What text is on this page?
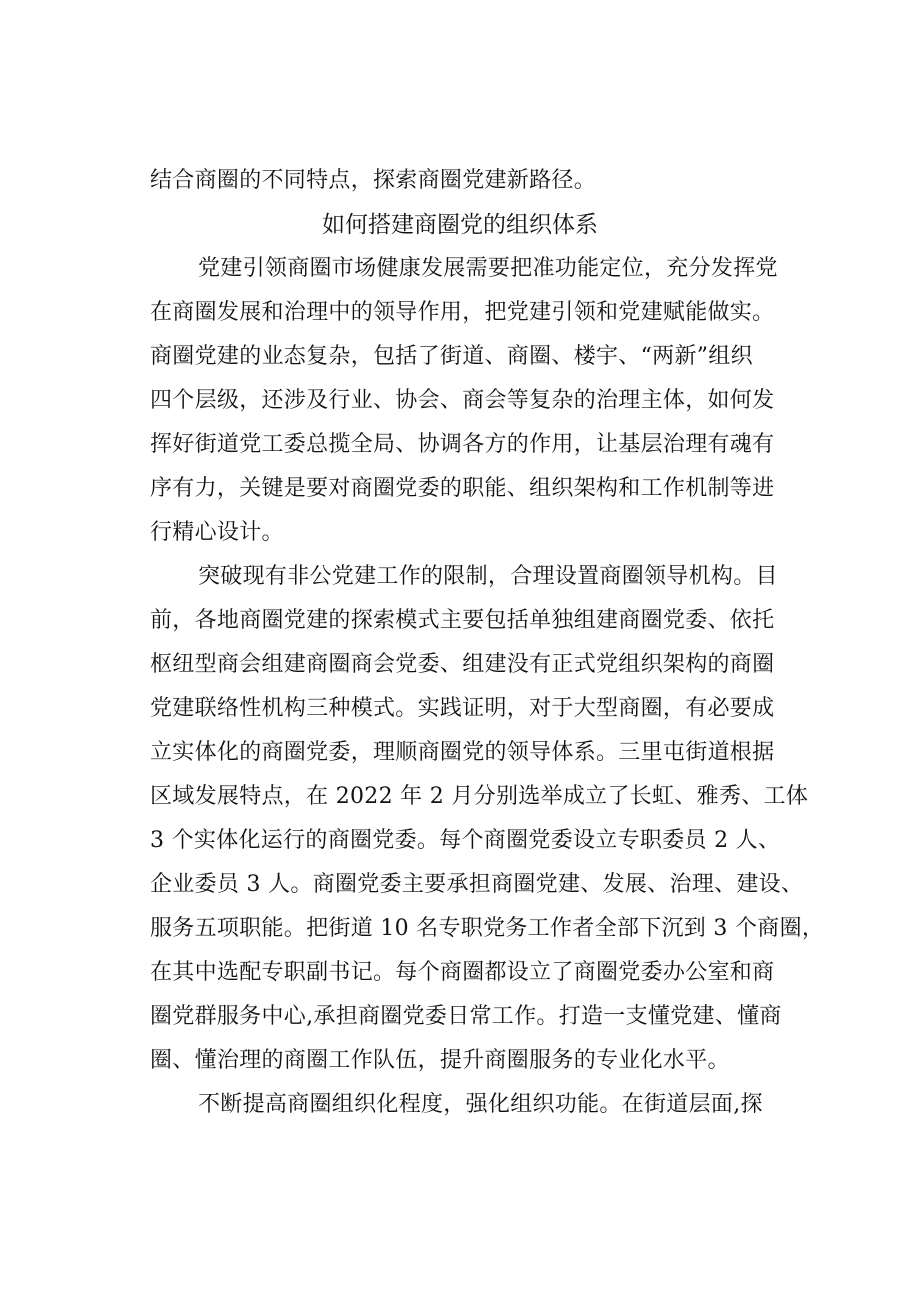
结合商圈的不同特点，探索商圈党建新路径。
如何搭建商圈党的组织体系
党建引领商圈市场健康发展需要把准功能定位，充分发挥党
在商圈发展和治理中的领导作用，把党建引领和党建赋能做实。
商圈党建的业态复杂，包括了街道、商圈、楼宇、“两新”组织
四个层级，还涉及行业、协会、商会等复杂的治理主体，如何发
挥好街道党工委总揽全局、协调各方的作用，让基层治理有魂有
序有力，关键是要对商圈党委的职能、组织架构和工作机制等进
行精心设计。
突破现有非公党建工作的限制，合理设置商圈领导机构。目
前，各地商圈党建的探索模式主要包括单独组建商圈党委、依托
枢纽型商会组建商圈商会党委、组建没有正式党组织架构的商圈
党建联络性机构三种模式。实践证明，对于大型商圈，有必要成
立实体化的商圈党委，理顺商圈党的领导体系。三里屯街道根据
区域发展特点，在 2022 年 2 月分别选举成立了长虹、雅秀、工体
3 个实体化运行的商圈党委。每个商圈党委设立专职委员 2 人、
企业委员 3 人。商圈党委主要承担商圈党建、发展、治理、建设、
服务五项职能。把街道 10 名专职党务工作者全部下沉到 3 个商圈，
在其中选配专职副书记。每个商圈都设立了商圈党委办公室和商
圈党群服务中心,承担商圈党委日常工作。打造一支懂党建、懂商
圈、懂治理的商圈工作队伍，提升商圈服务的专业化水平。
不断提高商圈组织化程度，强化组织功能。在街道层面,探
